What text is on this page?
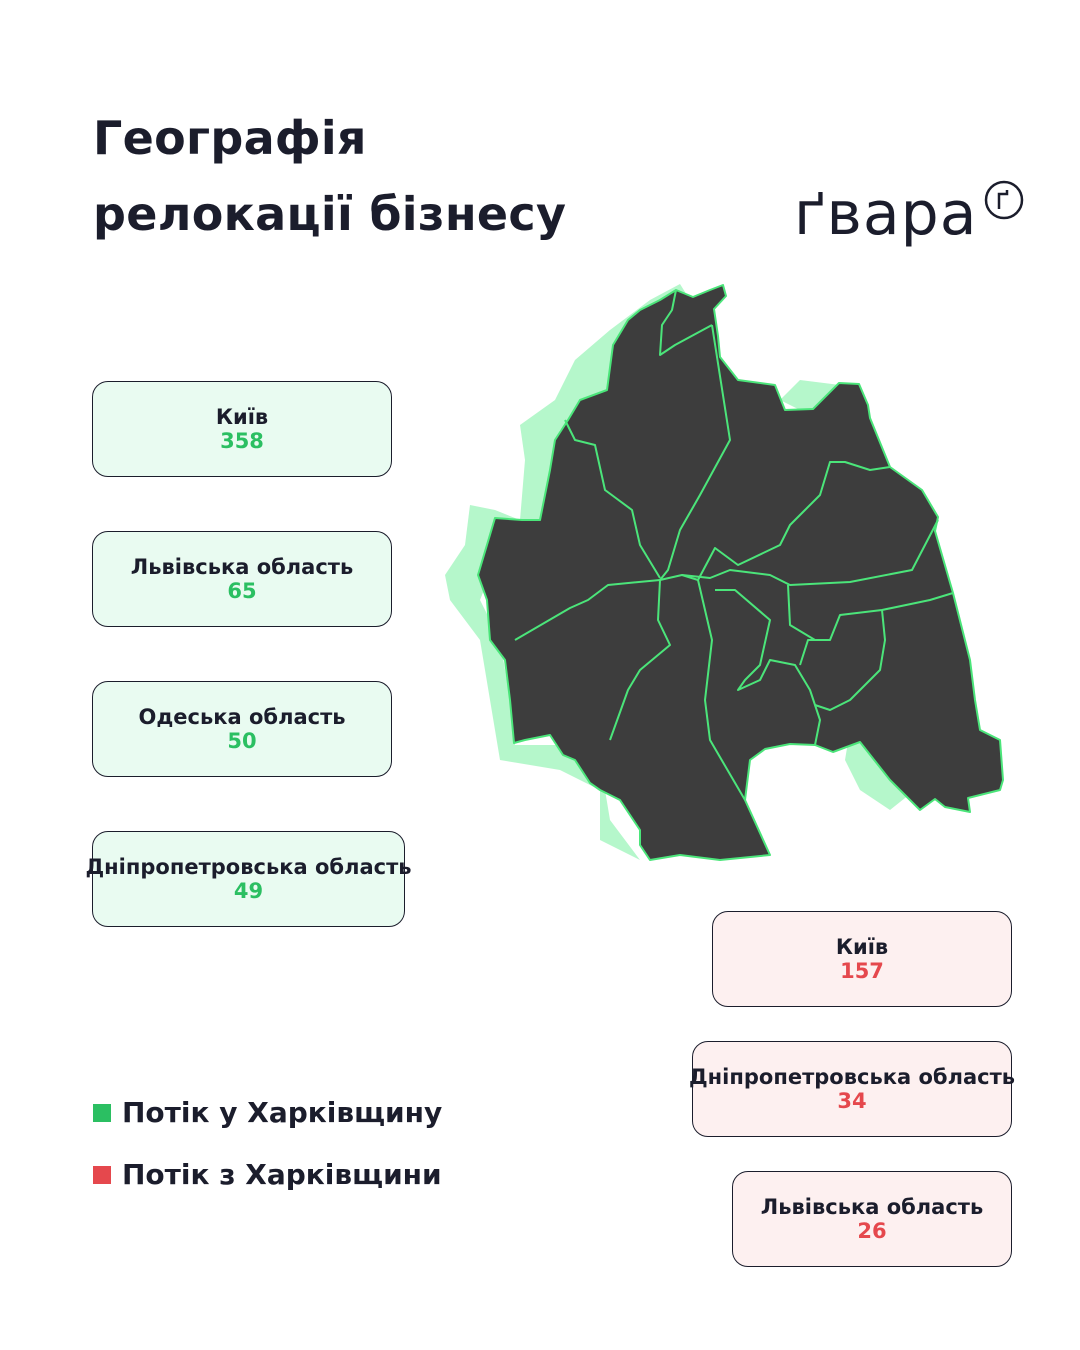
Географія
релокації бізнесу	ґвара
Київ
358
Львівська область
65
Одеська область
50
Дніпропетровська область
49
Київ
157
Дніпропетровська область
34
Львівська область
26
Потік у Харківщину
Потік з Харківщини
